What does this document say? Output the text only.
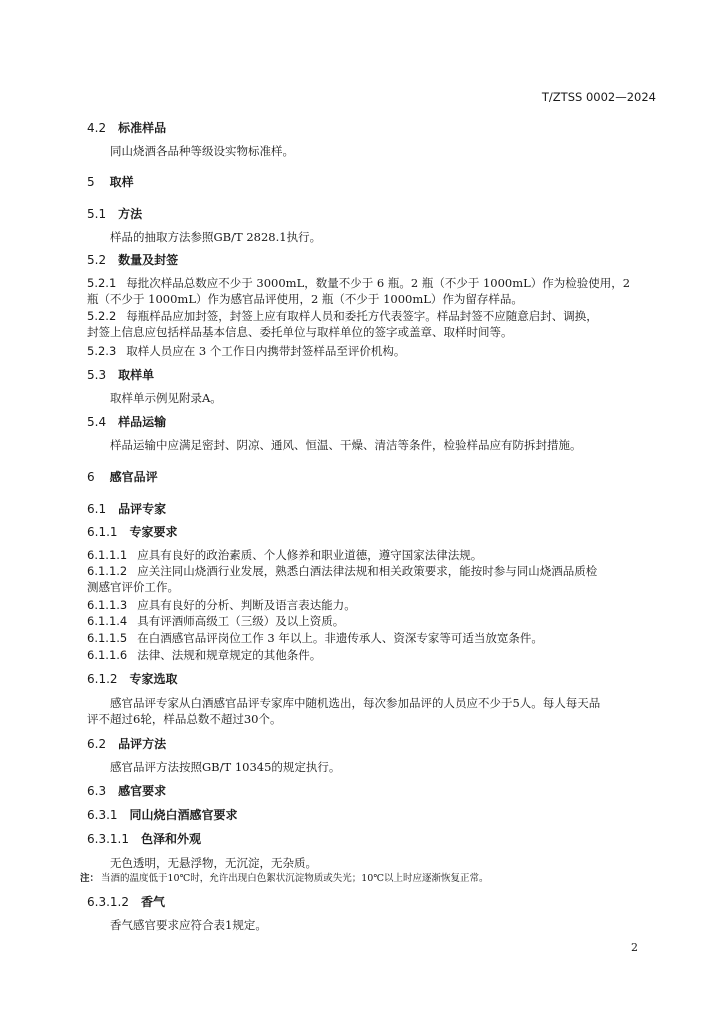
T/ZTSS 0002—2024
4.2 标准样品
同山烧酒各品种等级设实物标准样。
5 取样
5.1 方法
样品的抽取方法参照GB/T 2828.1执行。
5.2 数量及封签
5.2.1 每批次样品总数应不少于 3000mL，数量不少于 6 瓶。2 瓶（不少于 1000mL）作为检验使用，2
瓶（不少于 1000mL）作为感官品评使用，2 瓶（不少于 1000mL）作为留存样品。
5.2.2 每瓶样品应加封签，封签上应有取样人员和委托方代表签字。样品封签不应随意启封、调换，
封签上信息应包括样品基本信息、委托单位与取样单位的签字或盖章、取样时间等。
5.2.3 取样人员应在 3 个工作日内携带封签样品至评价机构。
5.3 取样单
取样单示例见附录A。
5.4 样品运输
样品运输中应满足密封、阴凉、通风、恒温、干燥、清洁等条件，检验样品应有防拆封措施。
6 感官品评
6.1 品评专家
6.1.1 专家要求
6.1.1.1 应具有良好的政治素质、个人修养和职业道德，遵守国家法律法规。
6.1.1.2 应关注同山烧酒行业发展，熟悉白酒法律法规和相关政策要求，能按时参与同山烧酒品质检
测感官评价工作。
6.1.1.3 应具有良好的分析、判断及语言表达能力。
6.1.1.4 具有评酒师高级工（三级）及以上资质。
6.1.1.5 在白酒感官品评岗位工作 3 年以上。非遗传承人、资深专家等可适当放宽条件。
6.1.1.6 法律、法规和规章规定的其他条件。
6.1.2 专家选取
感官品评专家从白酒感官品评专家库中随机选出，每次参加品评的人员应不少于5人。每人每天品
评不超过6轮，样品总数不超过30个。
6.2 品评方法
感官品评方法按照GB/T 10345的规定执行。
6.3 感官要求
6.3.1 同山烧白酒感官要求
6.3.1.1 色泽和外观
无色透明，无悬浮物，无沉淀，无杂质。
注： 当酒的温度低于10℃时，允许出现白色絮状沉淀物质或失光；10℃以上时应逐渐恢复正常。
6.3.1.2 香气
香气感官要求应符合表1规定。
2
